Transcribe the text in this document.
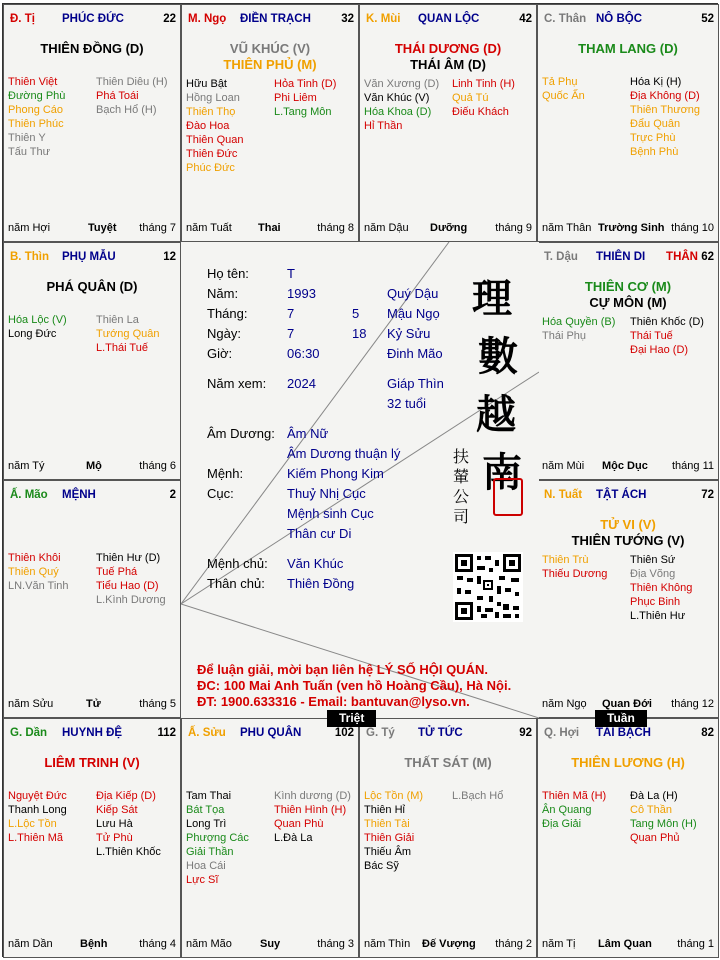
Đ. Tị PHÚC ĐỨC	22
THIÊN ĐỒNG (D)
Thiên Việt
Đường Phù
Phong Cáo
Thiên Phúc
Thiên Y
Tấu Thư
Thiên Diêu (H)
Phá Toái
Bạch Hổ (H)
năm Hợi	Tuyệt tháng 7
M. Ngọ ĐIỀN TRẠCH	32
VŨ KHÚC (V)
THIÊN PHỦ (M)
Hữu Bật
Hồng Loan
Thiên Thọ
Đào Hoa
Thiên Quan
Thiên Đức
Phúc Đức
Hỏa Tinh (D)
Phi Liêm
L.Tang Môn
năm Tuất Thai	tháng 8
K. Mùi QUAN LỘC	42
THÁI DƯƠNG (D)
THÁI ÂM (D)
Văn Xương (D)
Văn Khúc (V)
Hóa Khoa (D)
Hỉ Thần
Linh Tinh (H)
Quả Tú
Điếu Khách
năm Dậu Dưỡng	tháng 9
C. Thân NÔ BỘC	52
THAM LANG (D)
Tả Phụ
Quốc Ấn
Hóa Kị (H)
Địa Không (D)
Thiên Thương
Đẩu Quân
Trực Phù
Bệnh Phù
năm Thân Trường Sinh tháng 10
B. Thìn PHỤ MẪU	12
PHÁ QUÂN (D)
Hóa Lộc (V)
Long Đức
Thiên La
Tướng Quân
L.Thái Tuế
năm Tý	Mộ	tháng 6
T. Dậu THIÊN DI THÂN 62
THIÊN CƠ (M)
CỰ MÔN (M)
Hóa Quyền (B)
Thái Phụ
Thiên Khốc (D)
Thái Tuế
Đại Hao (D)
năm Mùi Mộc Dục tháng 11
Ấ. Mão MỆNH	2
Thiên Khôi
Thiên Quý
LN.Văn Tinh
Thiên Hư (D)
Tuế Phá
Tiểu Hao (D)
L.Kình Dương
năm Sửu	Tử	tháng 5
N. Tuất TẬT ÁCH	72
TỬ VI (V)
THIÊN TƯỚNG (V)
Thiên Trù
Thiếu Dương
Thiên Sứ
Địa Võng
Thiên Không
Phục Binh
L.Thiên Hư
năm Ngọ Quan Đới tháng 12
G. Dần HUYNH ĐỆ	112
LIÊM TRINH (V)
Nguyệt Đức
Thanh Long
L.Lộc Tồn
L.Thiên Mã
Địa Kiếp (D)
Kiếp Sát
Lưu Hà
Tử Phù
L.Thiên Khốc
năm Dần Bệnh	tháng 4
Ấ. Sửu PHU QUÂN	102
Tam Thai
Bát Tọa
Long Trì
Phượng Các
Giải Thần
Hoa Cái
Lực Sĩ
Kình dương (D)
Thiên Hình (H)
Quan Phù
L.Đà La
năm Mão	Suy	tháng 3
G. Tý TỬ TỨC	92
THẤT SÁT (M)
Lộc Tồn (M)
Thiên Hỉ
Thiên Tài
Thiên Giải
Thiếu Âm
Bác Sỹ
L.Bạch Hổ
năm Thìn Đế Vượng tháng 2
Q. Hợi TÀI BẠCH	82
THIÊN LƯƠNG (H)
Thiên Mã (H)
Ân Quang
Địa Giải
Đà La (H)
Cô Thần
Tang Môn (H)
Quan Phủ
năm Tị Lâm Quan tháng 1
Họ tên:	T
Năm:	1993	Quý Dậu
Tháng:	7	5 Mậu Ngọ
Ngày:	7	18 Kỷ Sửu
Giờ:	06:30	Đinh Mão
Năm xem: 2024	Giáp Thìn
32 tuổi
Âm Dương: Âm Nữ
Âm Dương thuận lý
Mệnh:	Kiếm Phong Kim
Cục:	Thuỷ Nhị Cục
Mệnh sinh Cục
Thân cư Di
Mệnh chủ: Văn Khúc
Thân chủ: Thiên Đồng
理
數
越
南
扶
輦
公
司
Để luận giải, mời bạn liên hệ LÝ SỐ HỘI QUÁN.
ĐC: 100 Mai Anh Tuấn (ven hồ Hoàng Cầu), Hà Nội.
ĐT: 1900.633316 - Email: bantuvan@lyso.vn.
Triệt	Tuần
